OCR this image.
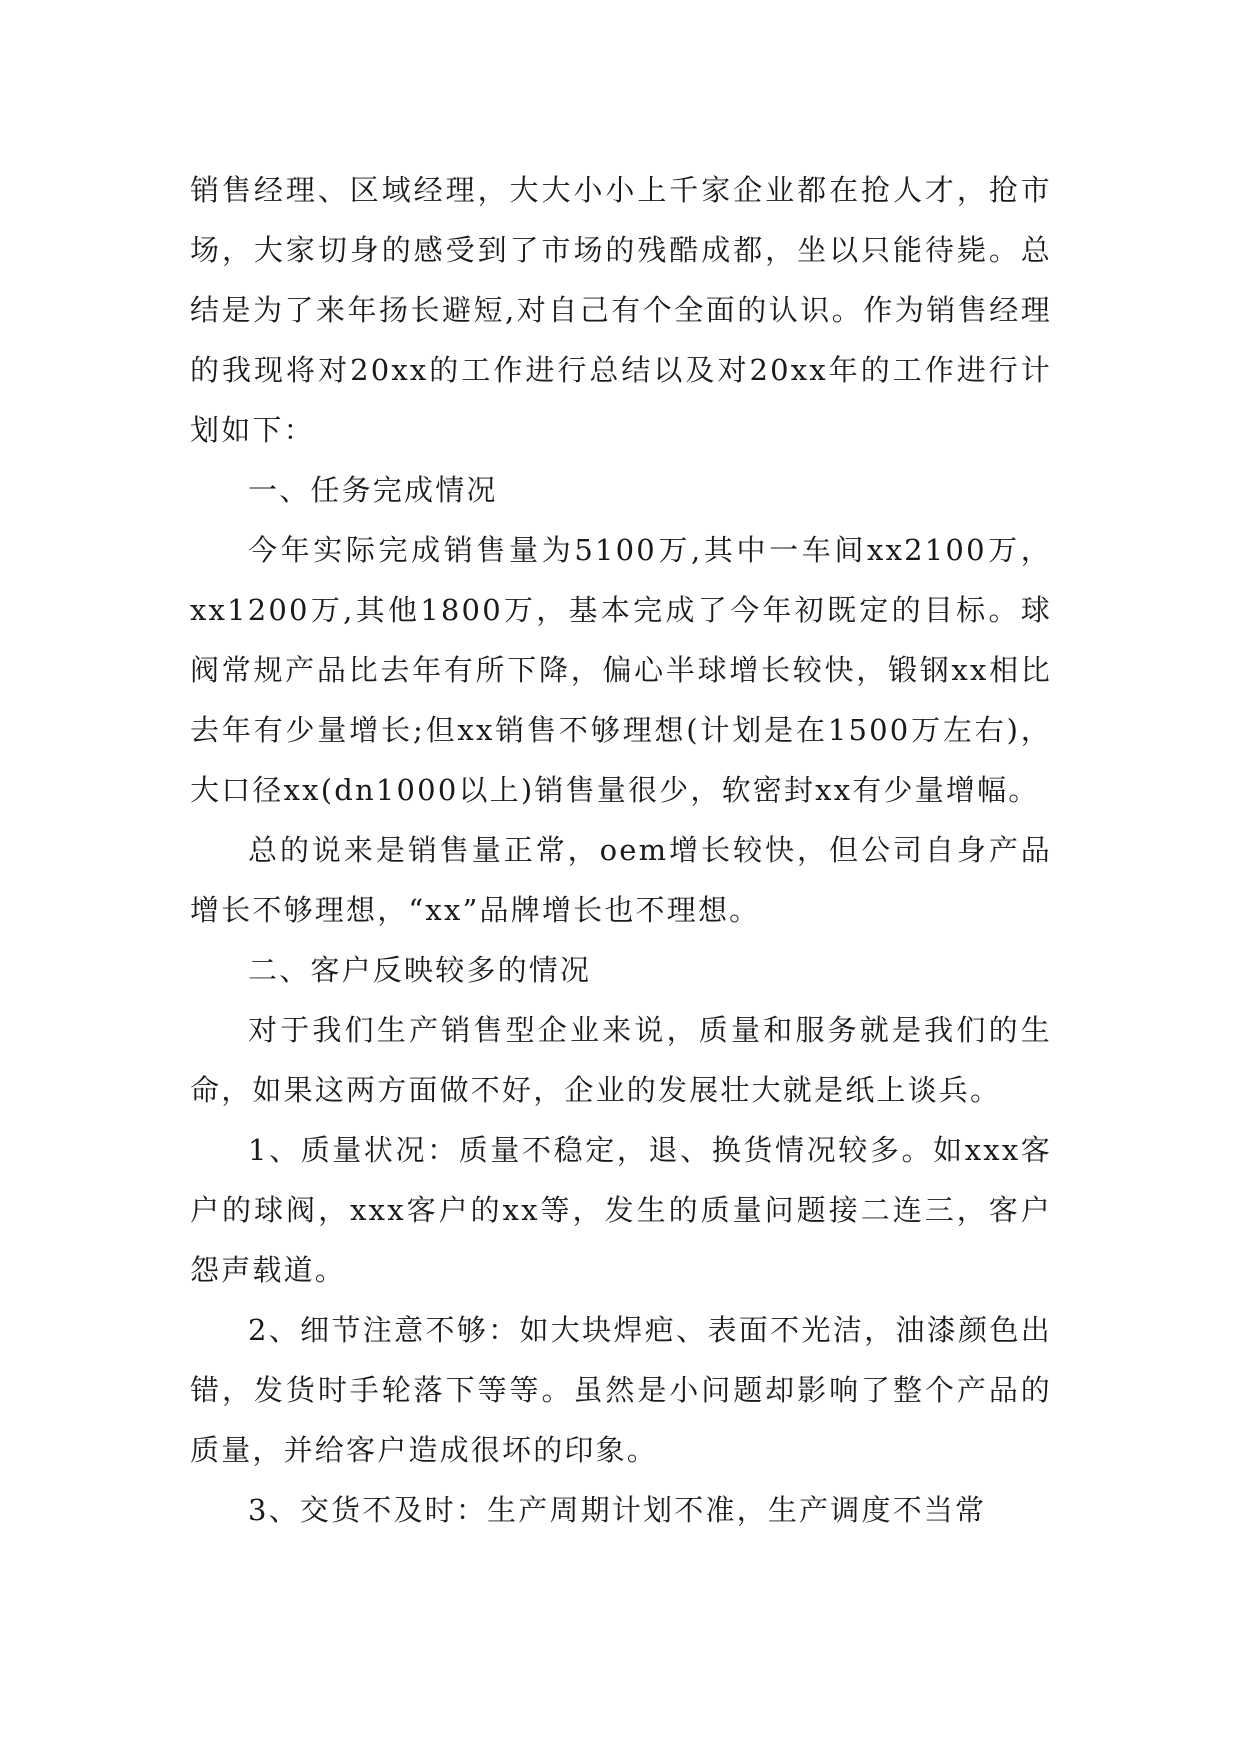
销售经理、区域经理，大大小小上千家企业都在抢人才，抢市场，大家切身的感受到了市场的残酷成都，坐以只能待毙。总结是为了来年扬长避短,对自己有个全面的认识。作为销售经理的我现将对20xx的工作进行总结以及对20xx年的工作进行计划如下：

一、任务完成情况

今年实际完成销售量为5100万,其中一车间xx2100万，xx1200万,其他1800万，基本完成了今年初既定的目标。球阀常规产品比去年有所下降，偏心半球增长较快，锻钢xx相比去年有少量增长;但xx销售不够理想(计划是在1500万左右)，大口径xx(dn1000以上)销售量很少，软密封xx有少量增幅。

总的说来是销售量正常，oem增长较快，但公司自身产品增长不够理想，“xx”品牌增长也不理想。

二、客户反映较多的情况

对于我们生产销售型企业来说，质量和服务就是我们的生命，如果这两方面做不好，企业的发展壮大就是纸上谈兵。

1、质量状况：质量不稳定，退、换货情况较多。如xxx客户的球阀，xxx客户的xx等，发生的质量问题接二连三，客户怨声载道。

2、细节注意不够：如大块焊疤、表面不光洁，油漆颜色出错，发货时手轮落下等等。虽然是小问题却影响了整个产品的质量，并给客户造成很坏的印象。

3、交货不及时：生产周期计划不准，生产调度不当常
